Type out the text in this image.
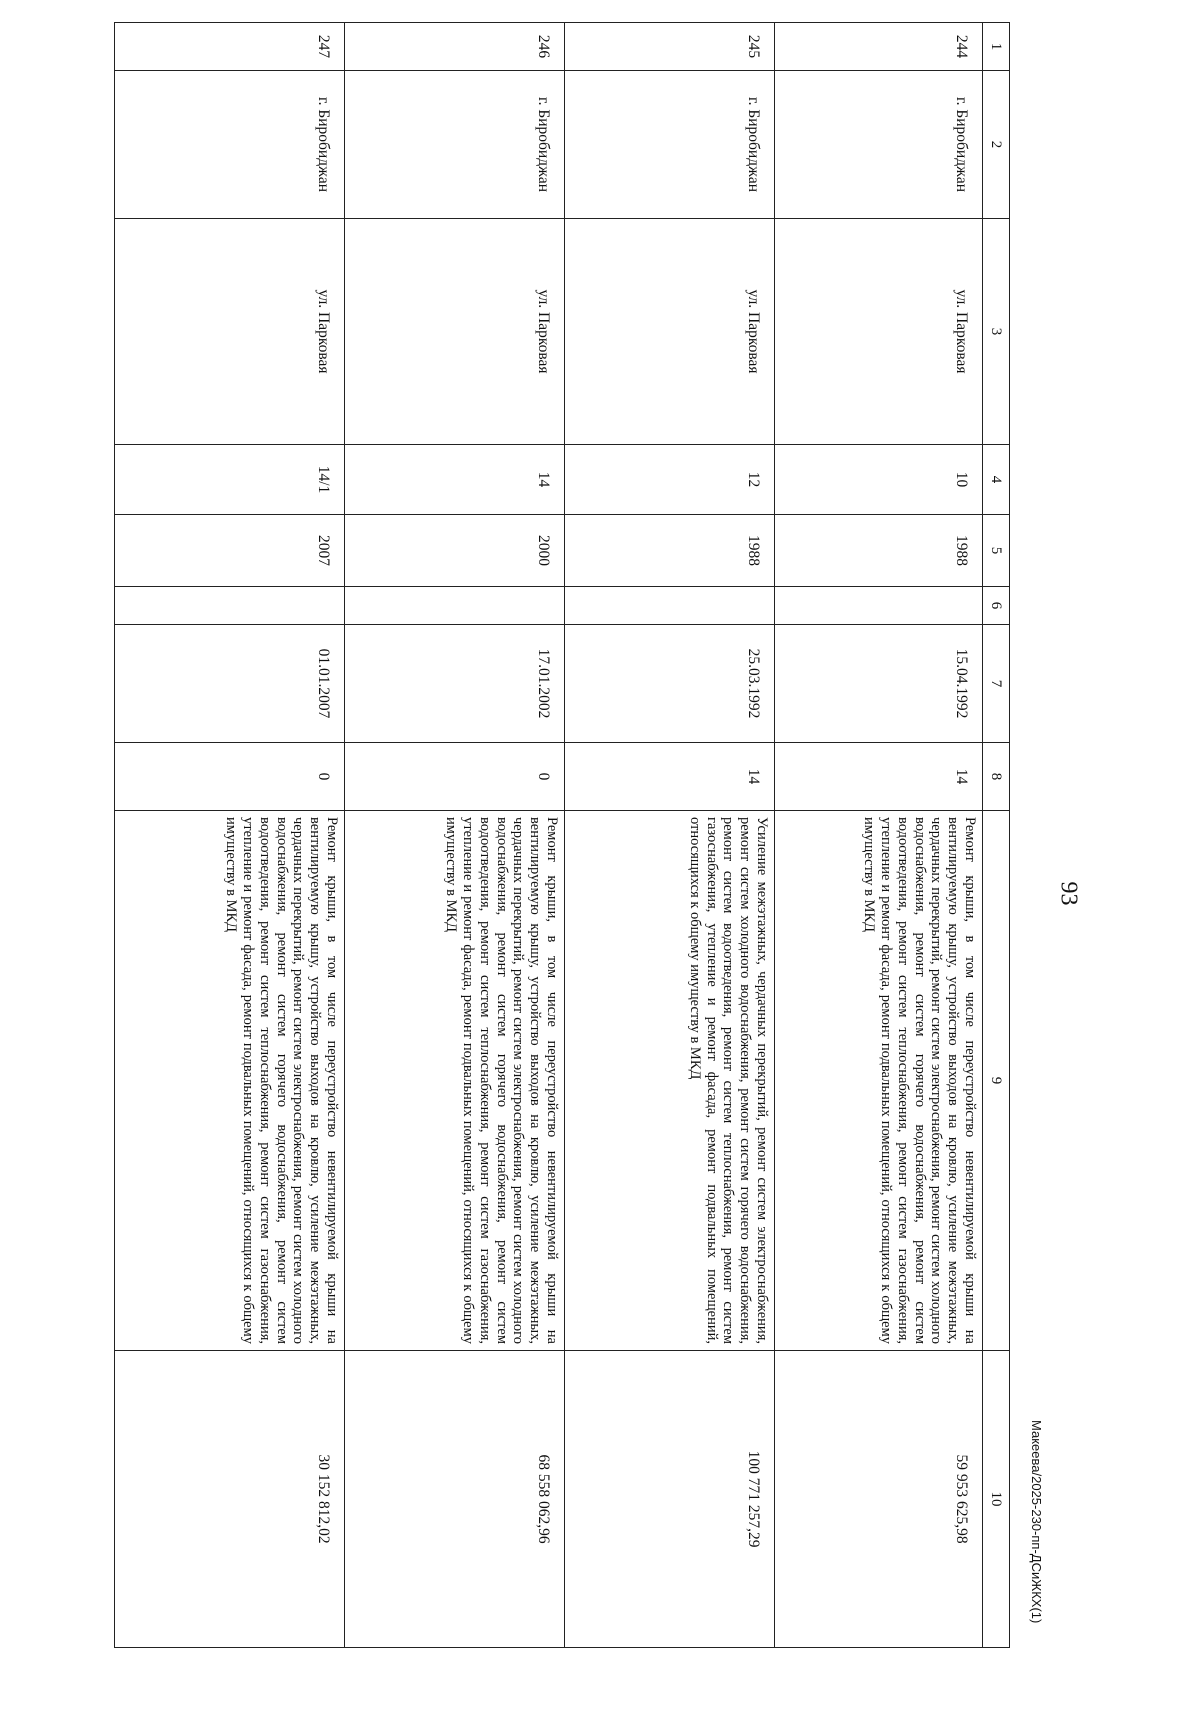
93
1	2	3	4	5	6	7	8	9	10
244	г. Биробиджан	ул. Парковая	10	1988		15.04.1992	14	Ремонт крыши, в том числе переустройство невентилируемой крыши на вентилируемую крышу, устройство выходов на кровлю, усиление межэтажных, чердачных перекрытий, ремонт систем электроснабжения, ремонт систем холодного водоснабжения, ремонт систем горячего водоснабжения, ремонт систем водоотведения, ремонт систем теплоснабжения, ремонт систем газоснабжения, утепление и ремонт фасада, ремонт подвальных помещений, относящихся к общему имуществу в МКД	59 953 625,98
245	г. Биробиджан	ул. Парковая	12	1988		25.03.1992	14	Усиление межэтажных, чердачных перекрытий, ремонт систем электроснабжения, ремонт систем холодного водоснабжения, ремонт систем горячего водоснабжения, ремонт систем водоотведения, ремонт систем теплоснабжения, ремонт систем газоснабжения, утепление и ремонт фасада, ремонт подвальных помещений, относящихся к общему имуществу в МКД	100 771 257,29
246	г. Биробиджан	ул. Парковая	14	2000		17.01.2002	0	Ремонт крыши, в том числе переустройство невентилируемой крыши на вентилируемую крышу, устройство выходов на кровлю, усиление межэтажных, чердачных перекрытий, ремонт систем электроснабжения, ремонт систем холодного водоснабжения, ремонт систем горячего водоснабжения, ремонт систем водоотведения, ремонт систем теплоснабжения, ремонт систем газоснабжения, утепление и ремонт фасада, ремонт подвальных помещений, относящихся к общему имуществу в МКД	68 558 062,96
247	г. Биробиджан	ул. Парковая	14/1	2007		01.01.2007	0	Ремонт крыши, в том числе переустройство невентилируемой крыши на вентилируемую крышу, устройство выходов на кровлю, усиление межэтажных, чердачных перекрытий, ремонт систем электроснабжения, ремонт систем холодного водоснабжения, ремонт систем горячего водоснабжения, ремонт систем водоотведения, ремонт систем теплоснабжения, ремонт систем газоснабжения, утепление и ремонт фасада, ремонт подвальных помещений, относящихся к общему имуществу в МКД	30 152 812,02	Макеева/2025-230-пп-ДСиЖКХ(1)
